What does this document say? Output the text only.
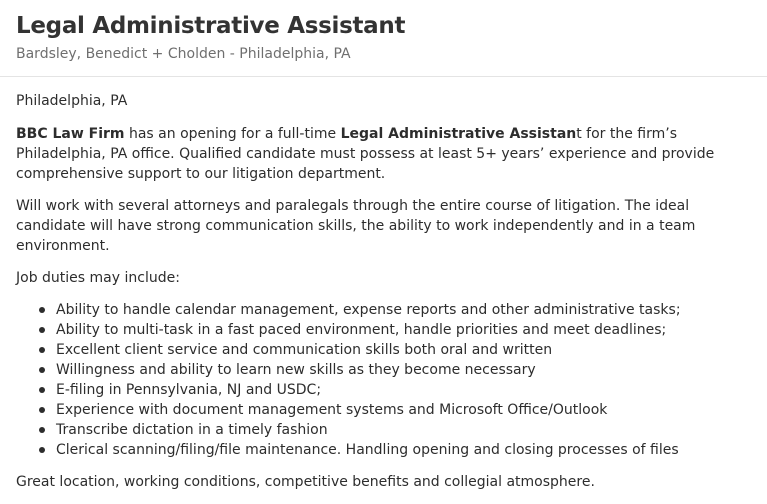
Legal Administrative Assistant
Bardsley, Benedict + Cholden - Philadelphia, PA

Philadelphia, PA

BBC Law Firm has an opening for a full-time Legal Administrative Assistant for the firm’s Philadelphia, PA office. Qualified candidate must possess at least 5+ years’ experience and provide comprehensive support to our litigation department.

Will work with several attorneys and paralegals through the entire course of litigation. The ideal candidate will have strong communication skills, the ability to work independently and in a team environment.

Job duties may include:

Ability to handle calendar management, expense reports and other administrative tasks;
Ability to multi-task in a fast paced environment, handle priorities and meet deadlines;
Excellent client service and communication skills both oral and written
Willingness and ability to learn new skills as they become necessary
E-filing in Pennsylvania, NJ and USDC;
Experience with document management systems and Microsoft Office/Outlook
Transcribe dictation in a timely fashion
Clerical scanning/filing/file maintenance. Handling opening and closing processes of files

Great location, working conditions, competitive benefits and collegial atmosphere.
